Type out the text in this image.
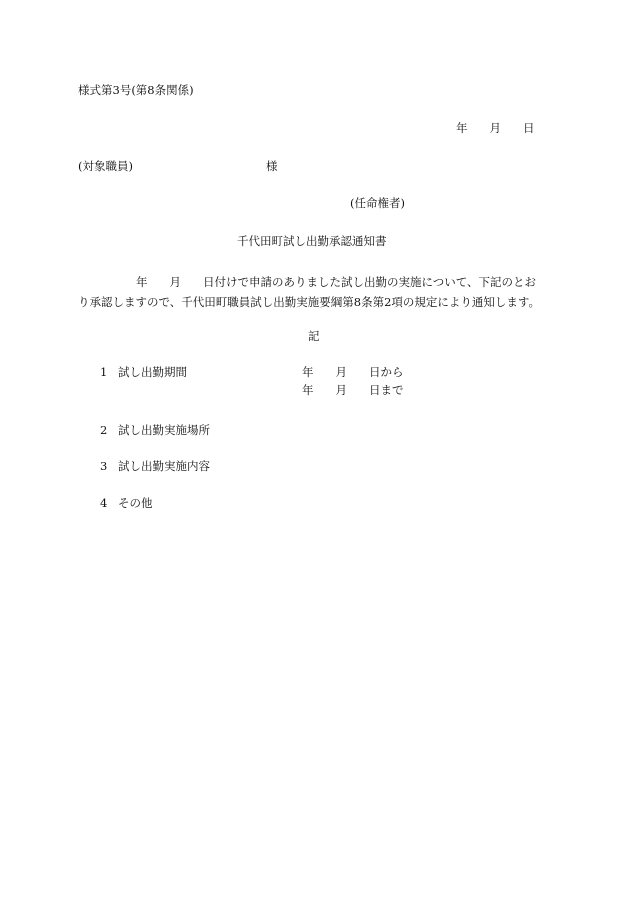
様式第3号(第8条関係)
年 月 日
(対象職員)	様
(任命権者)
千代田町試し出勤承認通知書
年 月 日付けで申請のありました試し出勤の実施について、下記のとお
り承認しますので、千代田町職員試し出勤実施要綱第8条第2項の規定により通知します。
記
1 試し出勤期間	年 月 日から
年 月 日まで
2 試し出勤実施場所
3 試し出勤実施内容
4 その他
